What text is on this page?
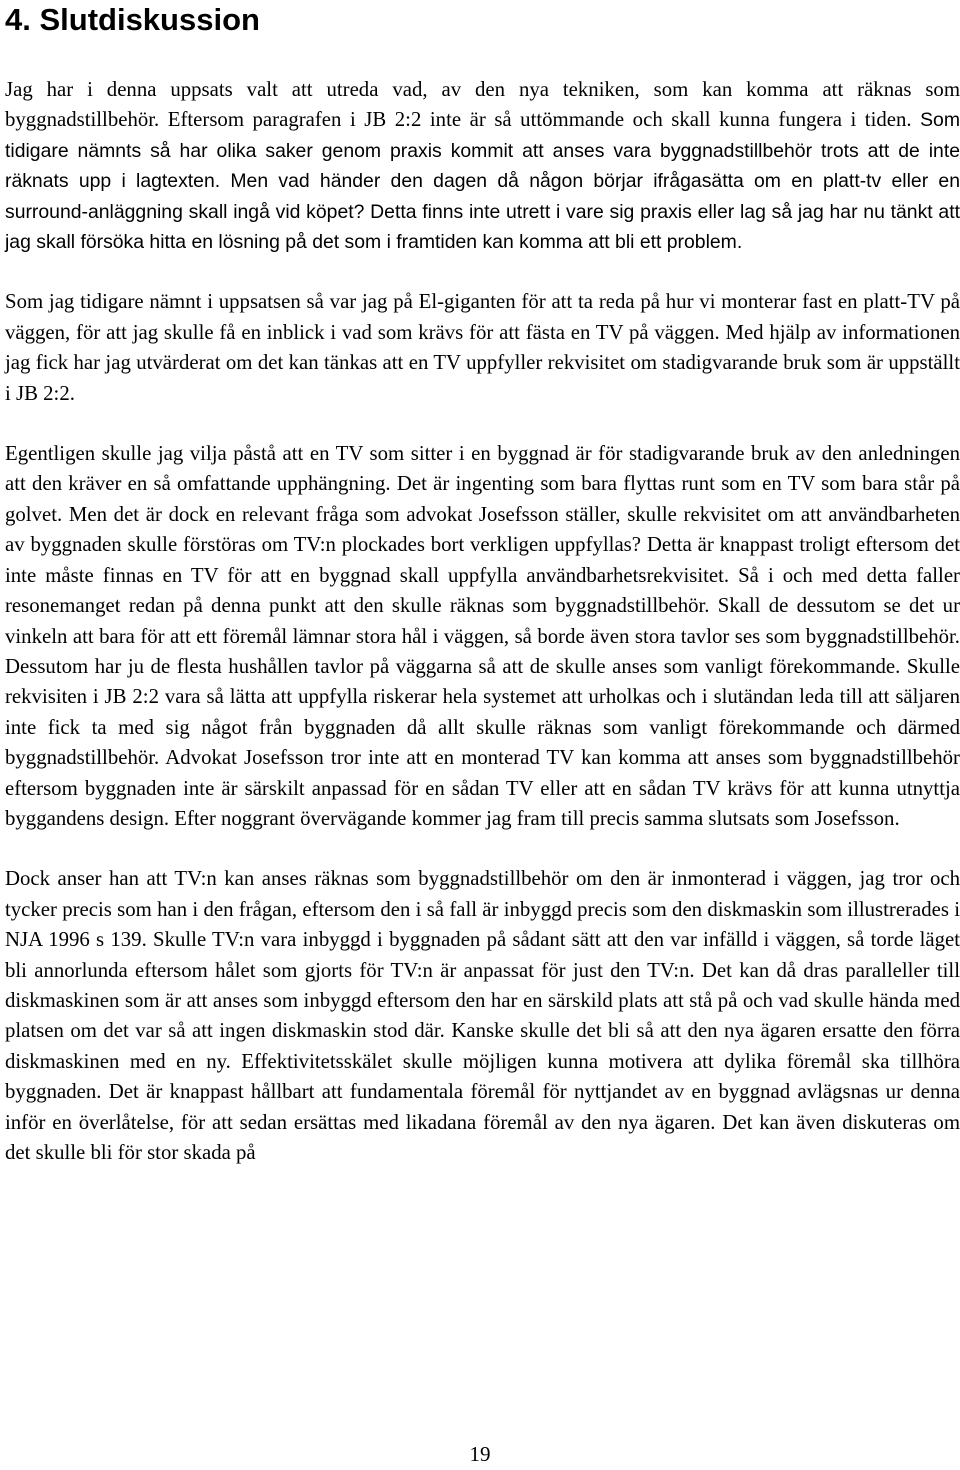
4. Slutdiskussion

Jag har i denna uppsats valt att utreda vad, av den nya tekniken, som kan komma att räknas som byggnadstillbehör. Eftersom paragrafen i JB 2:2 inte är så uttömmande och skall kunna fungera i tiden. Som tidigare nämnts så har olika saker genom praxis kommit att anses vara byggnadstillbehör trots att de inte räknats upp i lagtexten. Men vad händer den dagen då någon börjar ifrågasätta om en platt-tv eller en surround-anläggning skall ingå vid köpet? Detta finns inte utrett i vare sig praxis eller lag så jag har nu tänkt att jag skall försöka hitta en lösning på det som i framtiden kan komma att bli ett problem.

Som jag tidigare nämnt i uppsatsen så var jag på El-giganten för att ta reda på hur vi monterar fast en platt-TV på väggen, för att jag skulle få en inblick i vad som krävs för att fästa en TV på väggen. Med hjälp av informationen jag fick har jag utvärderat om det kan tänkas att en TV uppfyller rekvisitet om stadigvarande bruk som är uppställt i JB 2:2.

Egentligen skulle jag vilja påstå att en TV som sitter i en byggnad är för stadigvarande bruk av den anledningen att den kräver en så omfattande upphängning. Det är ingenting som bara flyttas runt som en TV som bara står på golvet. Men det är dock en relevant fråga som advokat Josefsson ställer, skulle rekvisitet om att användbarheten av byggnaden skulle förstöras om TV:n plockades bort verkligen uppfyllas? Detta är knappast troligt eftersom det inte måste finnas en TV för att en byggnad skall uppfylla användbarhetsrekvisitet. Så i och med detta faller resonemanget redan på denna punkt att den skulle räknas som byggnadstillbehör. Skall de dessutom se det ur vinkeln att bara för att ett föremål lämnar stora hål i väggen, så borde även stora tavlor ses som byggnadstillbehör. Dessutom har ju de flesta hushållen tavlor på väggarna så att de skulle anses som vanligt förekommande. Skulle rekvisiten i JB 2:2 vara så lätta att uppfylla riskerar hela systemet att urholkas och i slutändan leda till att säljaren inte fick ta med sig något från byggnaden då allt skulle räknas som vanligt förekommande och därmed byggnadstillbehör. Advokat Josefsson tror inte att en monterad TV kan komma att anses som byggnadstillbehör eftersom byggnaden inte är särskilt anpassad för en sådan TV eller att en sådan TV krävs för att kunna utnyttja byggandens design. Efter noggrant övervägande kommer jag fram till precis samma slutsats som Josefsson.

Dock anser han att TV:n kan anses räknas som byggnadstillbehör om den är inmonterad i väggen, jag tror och tycker precis som han i den frågan, eftersom den i så fall är inbyggd precis som den diskmaskin som illustrerades i NJA 1996 s 139. Skulle TV:n vara inbyggd i byggnaden på sådant sätt att den var infälld i väggen, så torde läget bli annorlunda eftersom hålet som gjorts för TV:n är anpassat för just den TV:n. Det kan då dras paralleller till diskmaskinen som är att anses som inbyggd eftersom den har en särskild plats att stå på och vad skulle hända med platsen om det var så att ingen diskmaskin stod där. Kanske skulle det bli så att den nya ägaren ersatte den förra diskmaskinen med en ny. Effektivitetsskälet skulle möjligen kunna motivera att dylika föremål ska tillhöra byggnaden. Det är knappast hållbart att fundamentala föremål för nyttjandet av en byggnad avlägsnas ur denna inför en överlåtelse, för att sedan ersättas med likadana föremål av den nya ägaren. Det kan även diskuteras om det skulle bli för stor skada på

19
